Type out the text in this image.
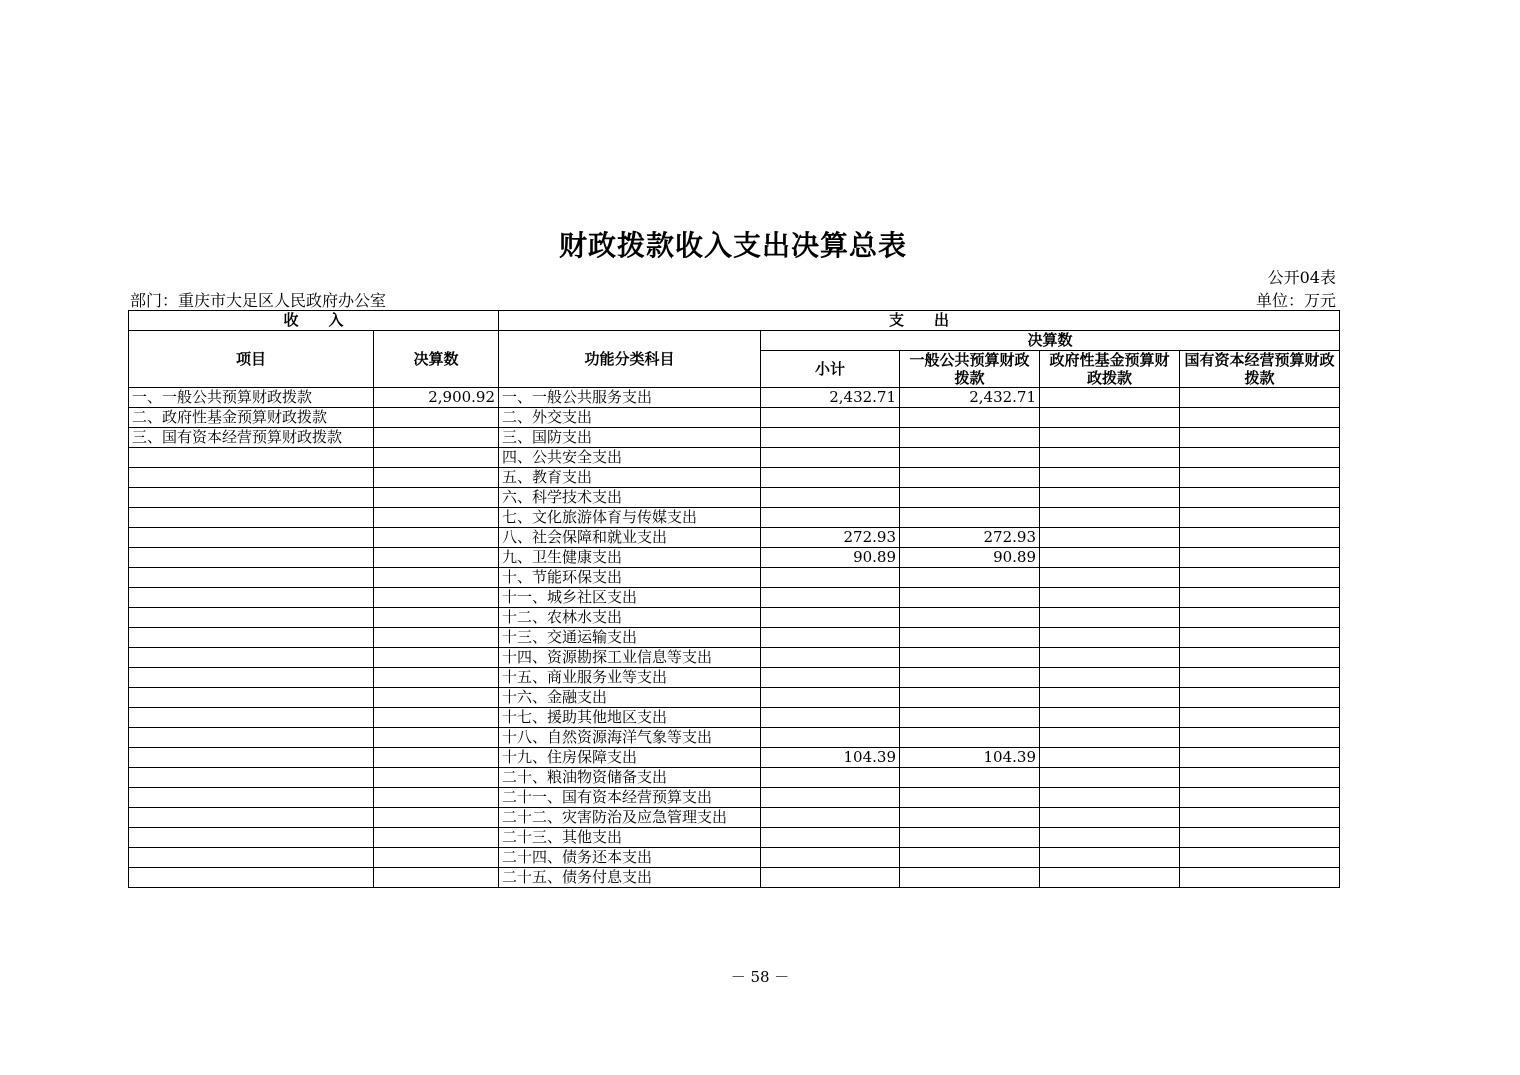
财政拨款收入支出决算总表
公开04表
部门：重庆市大足区人民政府办公室	单位：万元
收　　入		支　　出				
项目	决算数	功能分类科目	决算数			
			小计	一般公共预算财政拨款	政府性基金预算财政拨款	国有资本经营预算财政拨款
一、一般公共预算财政拨款	2,900.92	一、一般公共服务支出	2,432.71	2,432.71		
二、政府性基金预算财政拨款		二、外交支出				
三、国有资本经营预算财政拨款		三、国防支出				
		四、公共安全支出				
		五、教育支出				
		六、科学技术支出				
		七、文化旅游体育与传媒支出				
		八、社会保障和就业支出	272.93	272.93		
		九、卫生健康支出	90.89	90.89		
		十、节能环保支出				
		十一、城乡社区支出				
		十二、农林水支出				
		十三、交通运输支出				
		十四、资源勘探工业信息等支出				
		十五、商业服务业等支出				
		十六、金融支出				
		十七、援助其他地区支出				
		十八、自然资源海洋气象等支出				
		十九、住房保障支出	104.39	104.39		
		二十、粮油物资储备支出				
		二十一、国有资本经营预算支出				
		二十二、灾害防治及应急管理支出				
		二十三、其他支出				
		二十四、债务还本支出				
		二十五、债务付息支出				
－ 58 －
